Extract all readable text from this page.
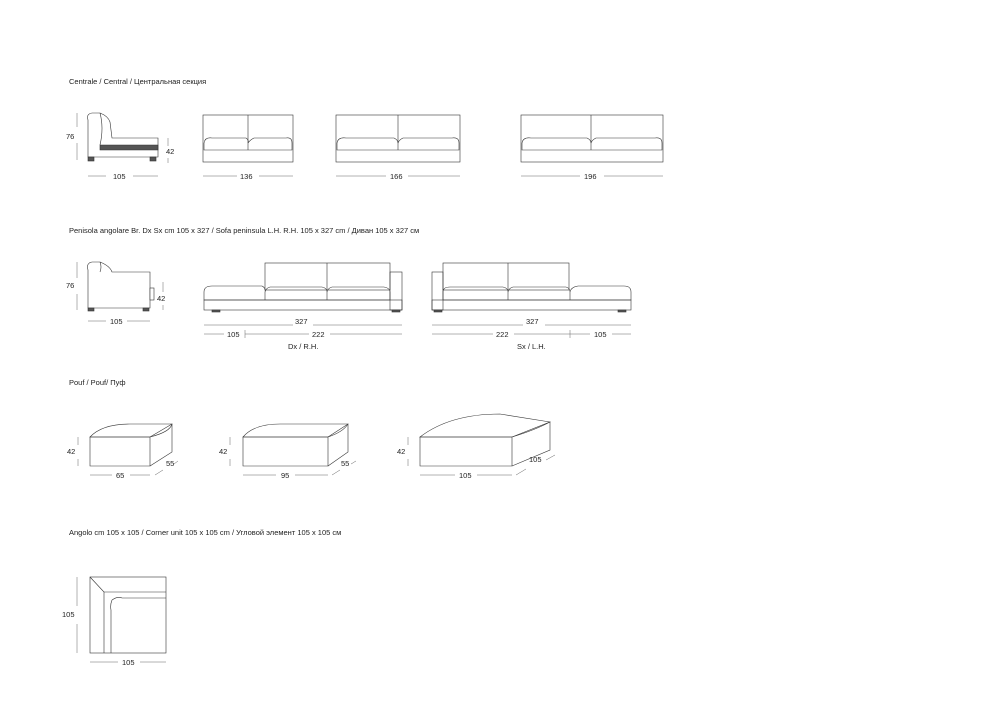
Centrale / Central / Центральная секция
Penisola angolare Br. Dx Sx cm 105 x 327 / Sofa peninsula L.H. R.H. 105 x 327 cm / Диван 105 x 327 см
Pouf / Pouf/ Пуф
Angolo cm 105 x 105 / Corner unit 105 x 105 cm / Угловой элемент 105 x 105 см
76
42
105	136	166	196
76
42
105	327
105	222
Dx / R.H.
327
222	105
Sx / L.H.
42
65
55
42
95
55
42
105
105
105
105
